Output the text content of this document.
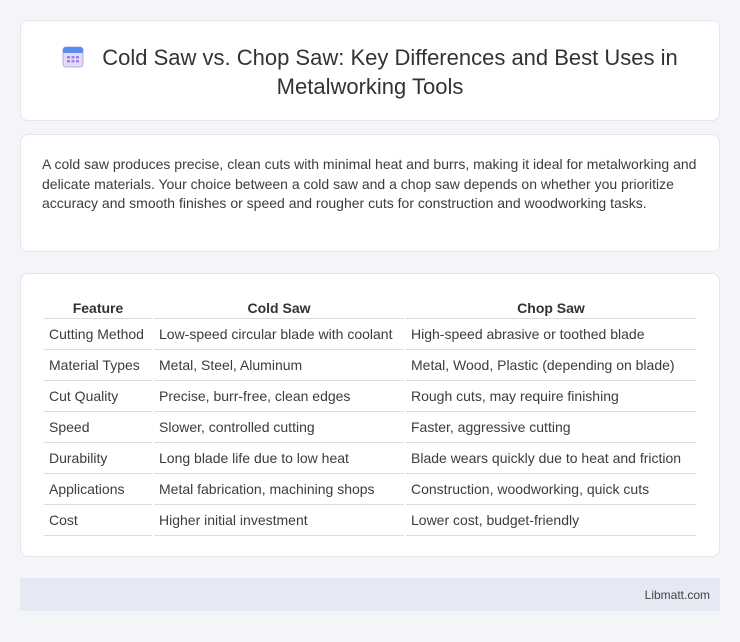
Cold Saw vs. Chop Saw: Key Differences and Best Uses in Metalworking Tools

A cold saw produces precise, clean cuts with minimal heat and burrs, making it ideal for metalworking and delicate materials. Your choice between a cold saw and a chop saw depends on whether you prioritize accuracy and smooth finishes or speed and rougher cuts for construction and woodworking tasks.

Feature	Cold Saw	Chop Saw
Cutting Method	Low-speed circular blade with coolant	High-speed abrasive or toothed blade
Material Types	Metal, Steel, Aluminum	Metal, Wood, Plastic (depending on blade)
Cut Quality	Precise, burr-free, clean edges	Rough cuts, may require finishing
Speed	Slower, controlled cutting	Faster, aggressive cutting
Durability	Long blade life due to low heat	Blade wears quickly due to heat and friction
Applications	Metal fabrication, machining shops	Construction, woodworking, quick cuts
Cost	Higher initial investment	Lower cost, budget-friendly
Libmatt.com
